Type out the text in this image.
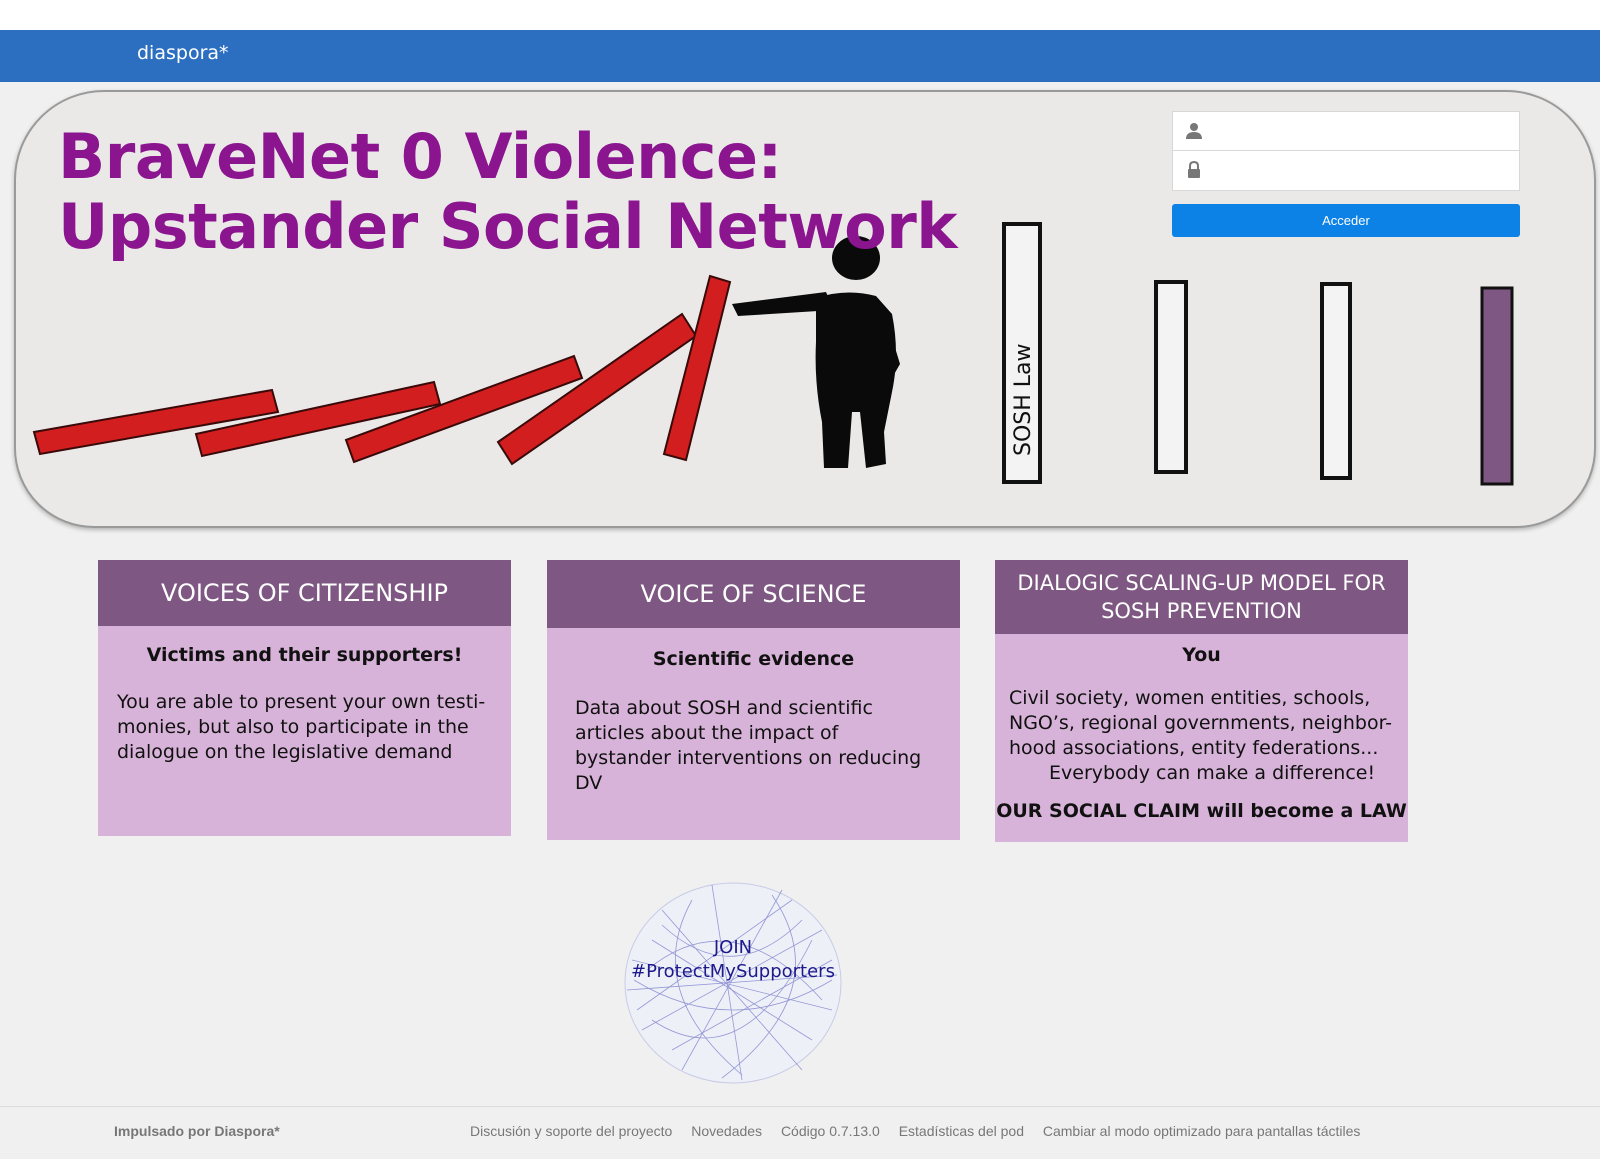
diaspora*
SOSH Law
BraveNet 0 Violence:
Upstander Social Network	Acceder
VOICES OF CITIZENSHIP

Victims and their supporters!

You are able to present your own testi-monies, but also to participate in the dialogue on the legislative demand

VOICE OF SCIENCE

Scientific evidence

Data about SOSH and scientific articles about the impact of bystander interventions on reducing DV

DIALOGIC SCALING-UP MODEL FOR SOSH PREVENTION

You

Civil society, women entities, schools, NGO’s, regional governments, neighbor-hood associations, entity federations...

Everybody can make a difference!

OUR SOCIAL CLAIM will become a LAW

JOIN
#ProtectMySupporters
Impulsado por Diaspora*	Discusión y soporte del proyecto Novedades Código 0.7.13.0 Estadísticas del pod Cambiar al modo optimizado para pantallas táctiles
